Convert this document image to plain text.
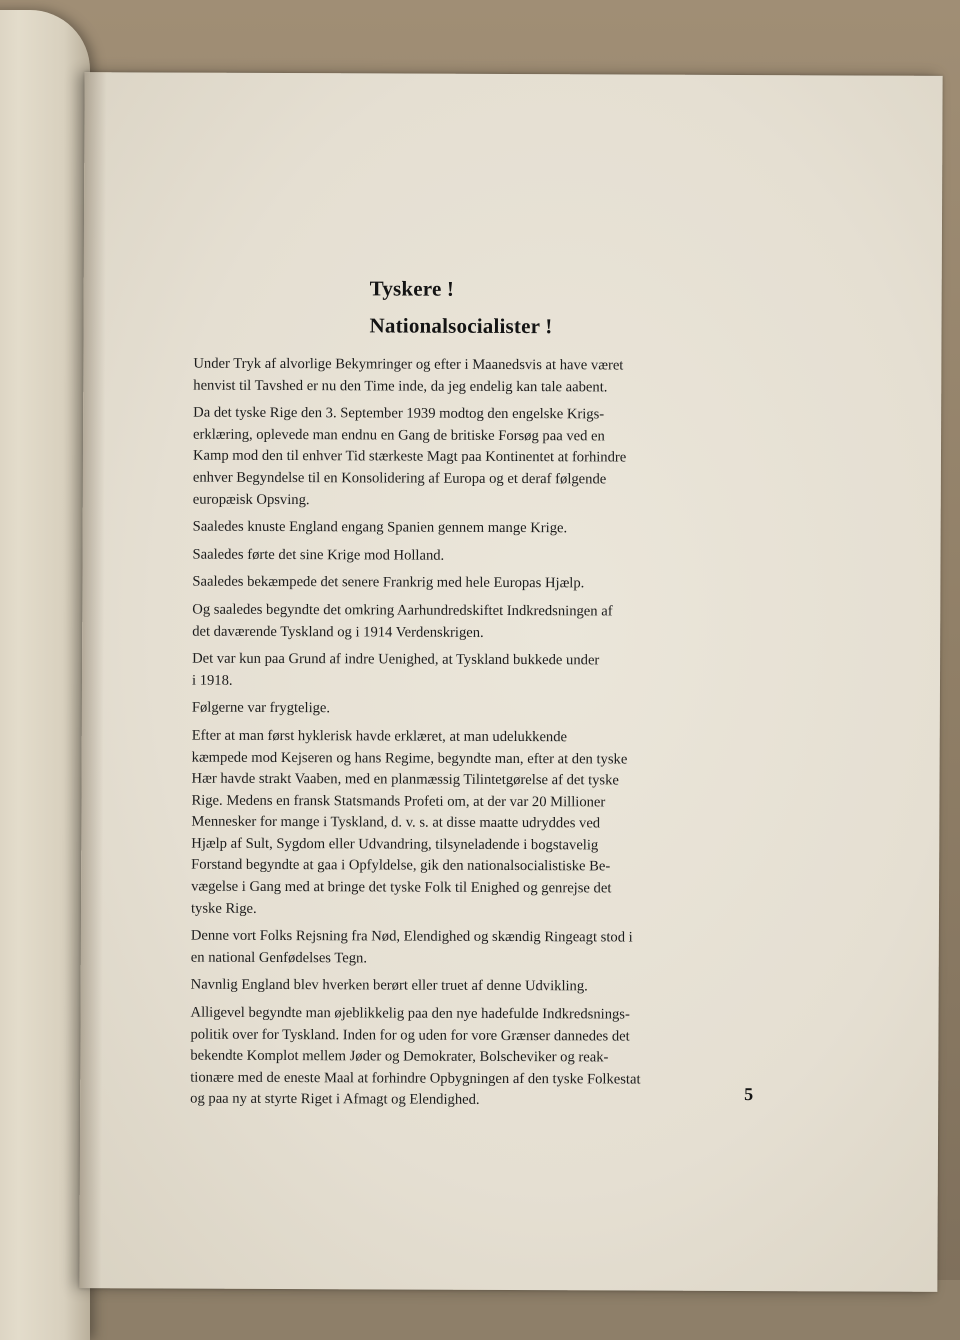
Tyskere !
Nationalsocialister !
Under Tryk af alvorlige Bekymringer og efter i Maanedsvis at have været
henvist til Tavshed er nu den Time inde, da jeg endelig kan tale aabent.
Da det tyske Rige den 3. September 1939 modtog den engelske Krigs-
erklæring, oplevede man endnu en Gang de britiske Forsøg paa ved en
Kamp mod den til enhver Tid stærkeste Magt paa Kontinentet at forhindre
enhver Begyndelse til en Konsolidering af Europa og et deraf følgende
europæisk Opsving.
Saaledes knuste England engang Spanien gennem mange Krige.
Saaledes førte det sine Krige mod Holland.
Saaledes bekæmpede det senere Frankrig med hele Europas Hjælp.
Og saaledes begyndte det omkring Aarhundredskiftet Indkredsningen af
det daværende Tyskland og i 1914 Verdenskrigen.
Det var kun paa Grund af indre Uenighed, at Tyskland bukkede under
i 1918.
Følgerne var frygtelige.
Efter at man først hyklerisk havde erklæret, at man udelukkende
kæmpede mod Kejseren og hans Regime, begyndte man, efter at den tyske
Hær havde strakt Vaaben, med en planmæssig Tilintetgørelse af det tyske
Rige. Medens en fransk Statsmands Profeti om, at der var 20 Millioner
Mennesker for mange i Tyskland, d. v. s. at disse maatte udryddes ved
Hjælp af Sult, Sygdom eller Udvandring, tilsyneladende i bogstavelig
Forstand begyndte at gaa i Opfyldelse, gik den nationalsocialistiske Be-
vægelse i Gang med at bringe det tyske Folk til Enighed og genrejse det
tyske Rige.
Denne vort Folks Rejsning fra Nød, Elendighed og skændig Ringeagt stod i
en national Genfødelses Tegn.
Navnlig England blev hverken berørt eller truet af denne Udvikling.
Alligevel begyndte man øjeblikkelig paa den nye hadefulde Indkredsnings-
politik over for Tyskland. Inden for og uden for vore Grænser dannedes det
bekendte Komplot mellem Jøder og Demokrater, Bolscheviker og reak-
tionære med de eneste Maal at forhindre Opbygningen af den tyske Folkestat
og paa ny at styrte Riget i Afmagt og Elendighed.	5
